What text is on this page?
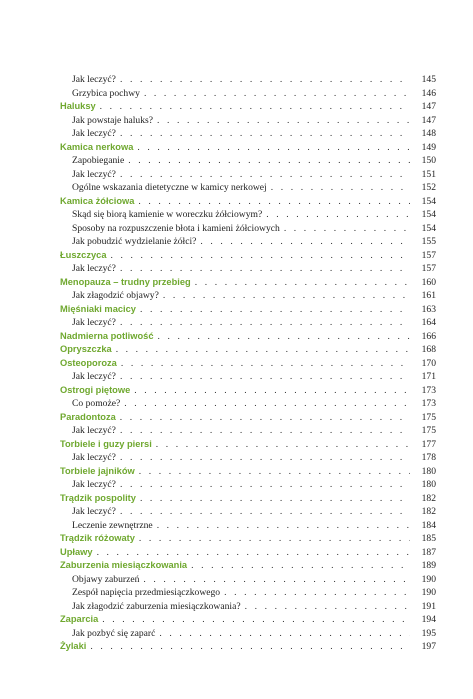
Jak leczyć? . . .	145
Grzybica pochwy . . .	146
Haluksy . . .	147
Jak powstaje haluks? . . .	147
Jak leczyć? . . .	148
Kamica nerkowa . . .	149
Zapobieganie . . .	150
Jak leczyć? . . .	151
Ogólne wskazania dietetyczne w kamicy nerkowej . . .	152
Kamica żółciowa . . .	154
Skąd się biorą kamienie w woreczku żółciowym? . . .	154
Sposoby na rozpuszczenie błota i kamieni żółciowych . . .	154
Jak pobudzić wydzielanie żółci? . . .	155
Łuszczyca . . .	157
Jak leczyć? . . .	157
Menopauza – trudny przebieg . . .	160
Jak złagodzić objawy? . . .	161
Mięśniaki macicy . . .	163
Jak leczyć? . . .	164
Nadmierna potliwość . . .	166
Opryszczka . . .	168
Osteoporoza . . .	170
Jak leczyć? . . .	171
Ostrogi piętowe . . .	173
Co pomoże? . . .	173
Paradontoza . . .	175
Jak leczyć? . . .	175
Torbiele i guzy piersi . . .	177
Jak leczyć? . . .	178
Torbiele jajników . . .	180
Jak leczyć? . . .	180
Trądzik pospolity . . .	182
Jak leczyć? . . .	182
Leczenie zewnętrzne . . .	184
Trądzik różowaty . . .	185
Upławy . . .	187
Zaburzenia miesiączkowania . . .	189
Objawy zaburzeń . . .	190
Zespół napięcia przedmiesiączkowego . . .	190
Jak złagodzić zaburzenia miesiączkowania? . . .	191
Zaparcia . . .	194
Jak pozbyć się zaparć . . .	195
Żylaki . . .	197
